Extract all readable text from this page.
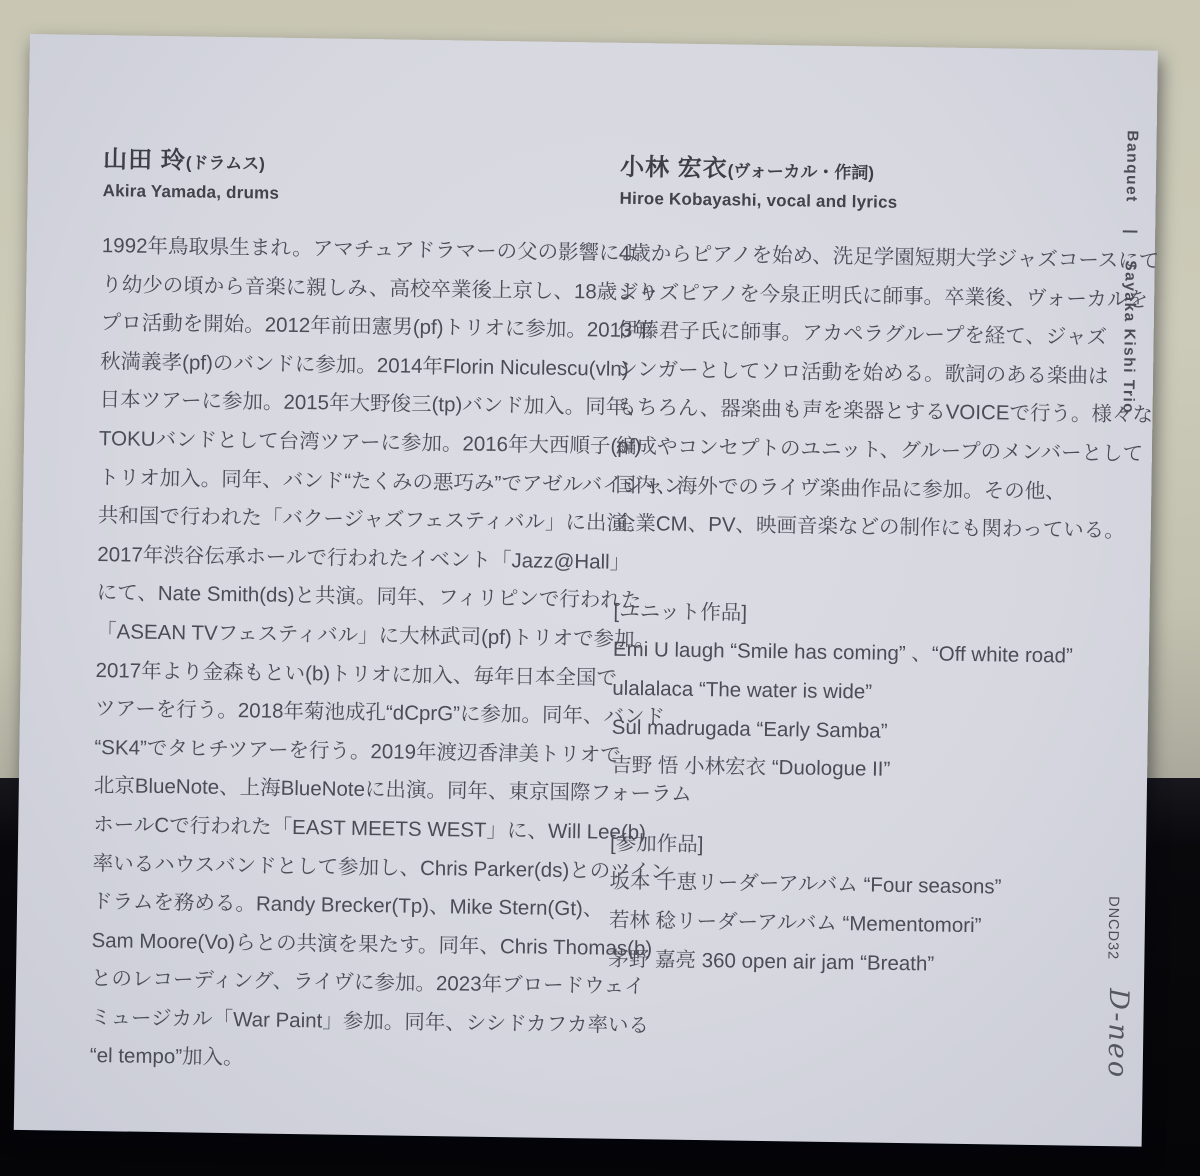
山田 玲(ドラムス)
Akira Yamada, drums
1992年鳥取県生まれ。アマチュアドラマーの父の影響によ
り幼少の頃から音楽に親しみ、高校卒業後上京し、18歳より
プロ活動を開始。2012年前田憲男(pf)トリオに参加。2013年
秋満義孝(pf)のバンドに参加。2014年Florin Niculescu(vln)
日本ツアーに参加。2015年大野俊三(tp)バンド加入。同年、
TOKUバンドとして台湾ツアーに参加。2016年大西順子(pf)
トリオ加入。同年、バンド“たくみの悪巧み”でアゼルバイジャン
共和国で行われた「バクージャズフェスティバル」に出演。
2017年渋谷伝承ホールで行われたイベント「Jazz@Hall」
にて、Nate Smith(ds)と共演。同年、フィリピンで行われた
「ASEAN TVフェスティバル」に大林武司(pf)トリオで参加。
2017年より金森もとい(b)トリオに加入、毎年日本全国で
ツアーを行う。2018年菊池成孔“dCprG”に参加。同年、バンド
“SK4”でタヒチツアーを行う。2019年渡辺香津美トリオで
北京BlueNote、上海BlueNoteに出演。同年、東京国際フォーラム
ホールCで行われた「EAST MEETS WEST」に、Will Lee(b)
率いるハウスバンドとして参加し、Chris Parker(ds)とのツイン
ドラムを務める。Randy Brecker(Tp)、Mike Stern(Gt)、
Sam Moore(Vo)らとの共演を果たす。同年、Chris Thomas(b)
とのレコーディング、ライヴに参加。2023年ブロードウェイ
ミュージカル「War Paint」参加。同年、シシドカフカ率いる
“el tempo”加入。
小林 宏衣(ヴォーカル・作詞)
Hiroe Kobayashi, vocal and lyrics
4歳からピアノを始め、洗足学園短期大学ジャズコースにて
ジャズピアノを今泉正明氏に師事。卒業後、ヴォーカルを
伊藤君子氏に師事。アカペラグループを経て、ジャズ
シンガーとしてソロ活動を始める。歌詞のある楽曲は
もちろん、器楽曲も声を楽器とするVOICEで行う。様々な
編成やコンセプトのユニット、グループのメンバーとして
国内、海外でのライヴ楽曲作品に参加。その他、
企業CM、PV、映画音楽などの制作にも関わっている。
[ユニット作品]
Emi U laugh “Smile has coming” 、“Off white road”
ulalalaca “The water is wide”
Sul madrugada “Early Samba”
吉野 悟 小林宏衣 “Duologue II”
[参加作品]
坂本 千恵リーダーアルバム “Four seasons”
若林 稔リーダーアルバム “Mementomori”
茅野 嘉亮 360 open air jam “Breath”
Banquet
|
Sayaka Kishi Trio
DNCD32
D-neo
